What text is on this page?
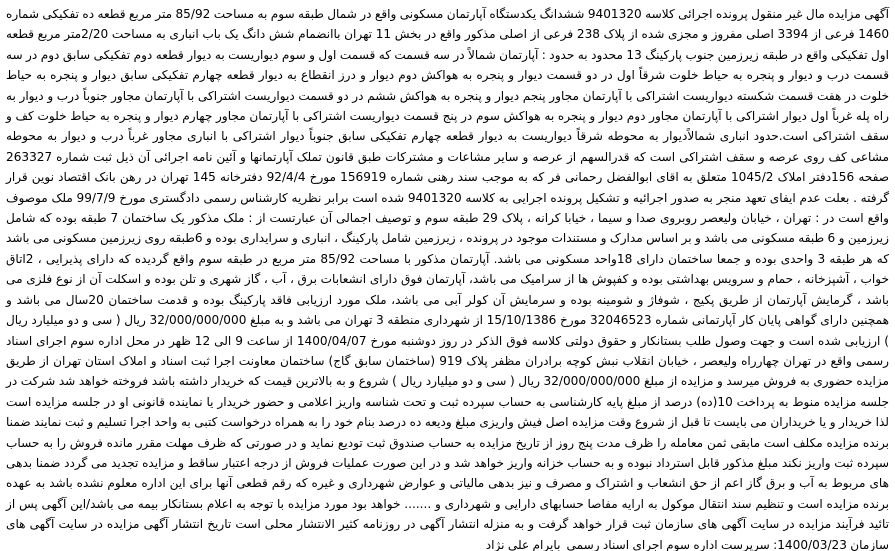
آگهی مزایده مال غیر منقول پرونده اجرائی کلاسه 9401320 ششدانگ یکدستگاه آپارتمان مسکونی واقع در شمال طبقه سوم به مساحت 85/92 متر مربع قطعه ده تفکیکی شماره 1460 فرعی از 3394 اصلی مفروز و مجزی شده از پلاک 238 فرعی از اصلی مذکور واقع در بخش 11 تهران باانضمام شش دانگ یک باب انباری به مساحت 2/20متر مربع قطعه اول تفکیکی واقع در طبقه زیرزمین جنوب پارکینگ 13 محدود به حدود : آپارتمان شمالاً در سه قسمت که قسمت اول و سوم دیواریست به دیوار قطعه دوم تفکیکی سابق دوم در سه قسمت درب و دیوار و پنجره به حیاط خلوت شرقاً اول در دو قسمت دیوار و پنجره به هواکش دوم دیوار و درز انقطاع به دیوار قطعه چهارم تفکیکی سابق دیوار و پنجره به حیاط خلوت در هفت قسمت شکسته دیواریست اشتراکی با آپارتمان مجاور پنجم دیوار و پنجره به هواکش ششم در دو قسمت دیواریست اشتراکی با آپارتمان مجاور جنوباً درب و دیوار به راه پله غرباً اول دیوار اشتراکی با آپارتمان مجاور دوم دیوار و پنجره به هواکش سوم در پنج قسمت دیواریست اشتراکی با آپارتمان مجاور چهارم دیوار و پنجره به حیاط خلوت کف و سقف اشتراکی است.حدود انباری شمالاًدیوار به محوطه شرقاً دیواریست به دیوار قطعه چهارم تفکیکی سابق جنوباً دیوار اشتراکی با انباری مجاور غرباً درب و دیوار به محوطه مشاعی کف روی عرصه و سقف اشتراکی است که قدرالسهم از عرصه و سایر مشاعات و مشترکات طبق قانون تملک آپارتمانها و آئین نامه اجرائی آن ذیل ثبت شماره 263327 صفحه 156دفتر املاک 1045/2 متعلق به اقای ابوالفضل رحمانی فر که به موجب سند رهنی شماره 156919 مورخ 92/4/4 دفترخانه 145 تهران در رهن بانک اقتصاد نوین قرار گرفته . بعلت عدم ایفای تعهد منجر به صدور اجرائیه و تشکیل پرونده اجرایی به کلاسه 9401320 شده است برابر نظریه کارشناس رسمی دادگستری مورخ 99/7/9 ملک موصوف واقع است در : تهران ، خیابان ولیعصر روبروی صدا و سیما ، خیابا کرانه ، پلاک 29 طبقه سوم و توصیف اجمالی آن عبارتست از : ملک مذکور یک ساختمان 7 طبقه بوده که شامل زیرزمین و 6 طبقه مسکونی می باشد و بر اساس مدارک و مستندات موجود در پرونده ، زیرزمین شامل پارکینگ ، انباری و سرایداری بوده و 6طبقه روی زیرزمین مسکونی می باشد که هر طبقه 3 واحدی بوده و جمعا ساختمان دارای 18واحد مسکونی می باشد. آپارتمان مذکور با مساحت 85/92 متر مربع در طبقه سوم واقع گردیده که دارای پذیرایی ، 2اتاق خواب ، آشپزخانه ، حمام و سرویس بهداشتی بوده و کفپوش ها از سرامیک می باشد، آپارتمان فوق دارای انشعابات برق ، آب ، گاز شهری و تلن بوده و اسکلت آن از نوع فلزی می باشد ، گرمایش آپارتمان از طریق پکیج ، شوفاژ و شومینه بوده و سرمایش آن کولر آبی می باشد، ملک مورد ارزیابی فاقد پارکینگ بوده و قدمت ساختمان 20سال می باشد و همچنین دارای گواهی پایان کار آپارتمانی شماره 32046523 مورخ 15/10/1386 از شهرداری منطقه 3 تهران می باشد و به مبلغ 32/000/000/000 ریال ( سی و دو میلیارد ریال ) ارزیابی شده است و جهت وصول طلب بستانکار و حقوق دولتی کلاسه فوق الذکر در روز دوشنبه مورخ 1400/04/07 از ساعت 9 الی 12 ظهر در محل اداره سوم اجرای اسناد رسمی واقع در تهران چهارراه ولیعصر ، خیابان انقلاب نبش کوچه برادران مظفر پلاک 919 (ساختمان سابق گاج) ساختمان معاونت اجرا ثبت اسناد و املاک استان تهران از طریق مزایده حضوری به فروش میرسد و مزایده از مبلغ 32/000/000/000 ریال ( سی و دو میلیارد ریال ) شروع و به بالاترین قیمت که خریدار داشته باشد فروخته خواهد شد شرکت در جلسه مزایده منوط به پرداخت 10(ده) درصد از مبلغ پایه کارشناسی به حساب سپرده ثبت و تحت شناسه واریز اعلامی و حضور خریدار یا نماینده قانونی او در جلسه مزایده است لذا خریدار و یا خریداران می بایست تا قبل از شروع وقت مزایده اصل فیش واریزی مبلغ ودیعه ده درصد بنام خود را به همراه درخواست کتبی به واحد اجرا تسلیم و ثبت نمایند ضمنا برنده مزایده مکلف است مابقی ثمن معامله را ظرف مدت پنج روز از تاریخ مزایده به حساب صندوق ثبت تودیع نماید و در صورتی که ظرف مهلت مقرر مانده فروش را به حساب سپرده ثبت واریز نکند مبلغ مذکور قابل استرداد نبوده و به حساب خزانه واریز خواهد شد و در این صورت عملیات فروش از درجه اعتبار ساقط و مزایده تجدید می گردد ضمنا بدهی های مربوط به آب و برق گاز اعم از حق انشعاب و اشتراک و مصرف و نیز بدهی مالیاتی و عوارض شهرداری و غیره که رقم قطعی آنها برای این اداره معلوم نشده باشد به عهده برنده مزایده است و تنظیم سند انتقال موکول به ارایه مفاصا حسابهای دارایی و شهرداری و ....... خواهد بود مورد مزایده با توجه به اعلام بستانکار بیمه می باشد/این آگهی پس از تائید فرآیند مزایده در سایت آگهی های سازمان ثبت قرار خواهد گرفت و به منزله انتشار آگهی در روزنامه کثیر الانتشار محلی است تاریخ انتشار آگهی مزایده در سایت آگهی های سازمان 1400/03/23: سرپرست اداره سوم اجرای اسناد رسمی_بایرام علی نژاد
